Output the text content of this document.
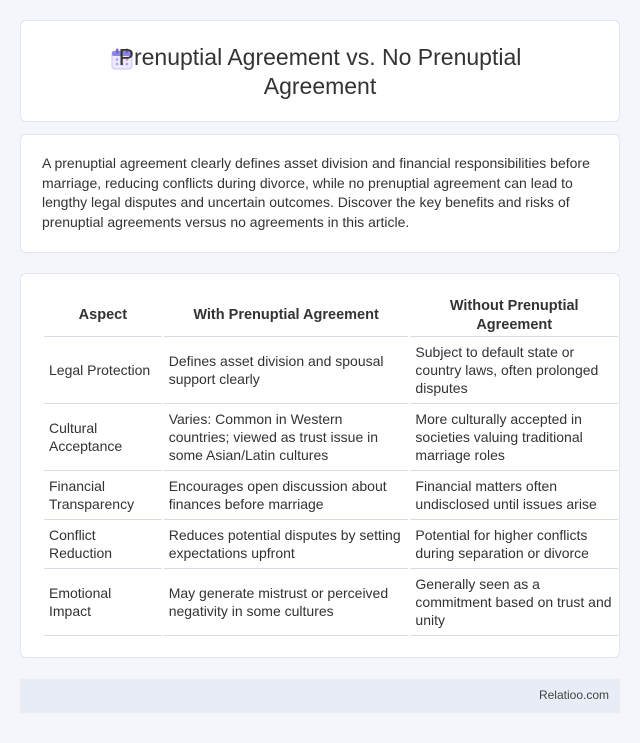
Prenuptial Agreement vs. No Prenuptial Agreement

A prenuptial agreement clearly defines asset division and financial responsibilities before marriage, reducing conflicts during divorce, while no prenuptial agreement can lead to lengthy legal disputes and uncertain outcomes. Discover the key benefits and risks of prenuptial agreements versus no agreements in this article.

Aspect	With Prenuptial Agreement	Without Prenuptial Agreement
Legal Protection	Defines asset division and spousal support clearly	Subject to default state or country laws, often prolonged disputes
Cultural Acceptance	Varies: Common in Western countries; viewed as trust issue in some Asian/Latin cultures	More culturally accepted in societies valuing traditional marriage roles
Financial Transparency	Encourages open discussion about finances before marriage	Financial matters often undisclosed until issues arise
Conflict Reduction	Reduces potential disputes by setting expectations upfront	Potential for higher conflicts during separation or divorce
Emotional Impact	May generate mistrust or perceived negativity in some cultures	Generally seen as a commitment based on trust and unity
Relatioo.com
